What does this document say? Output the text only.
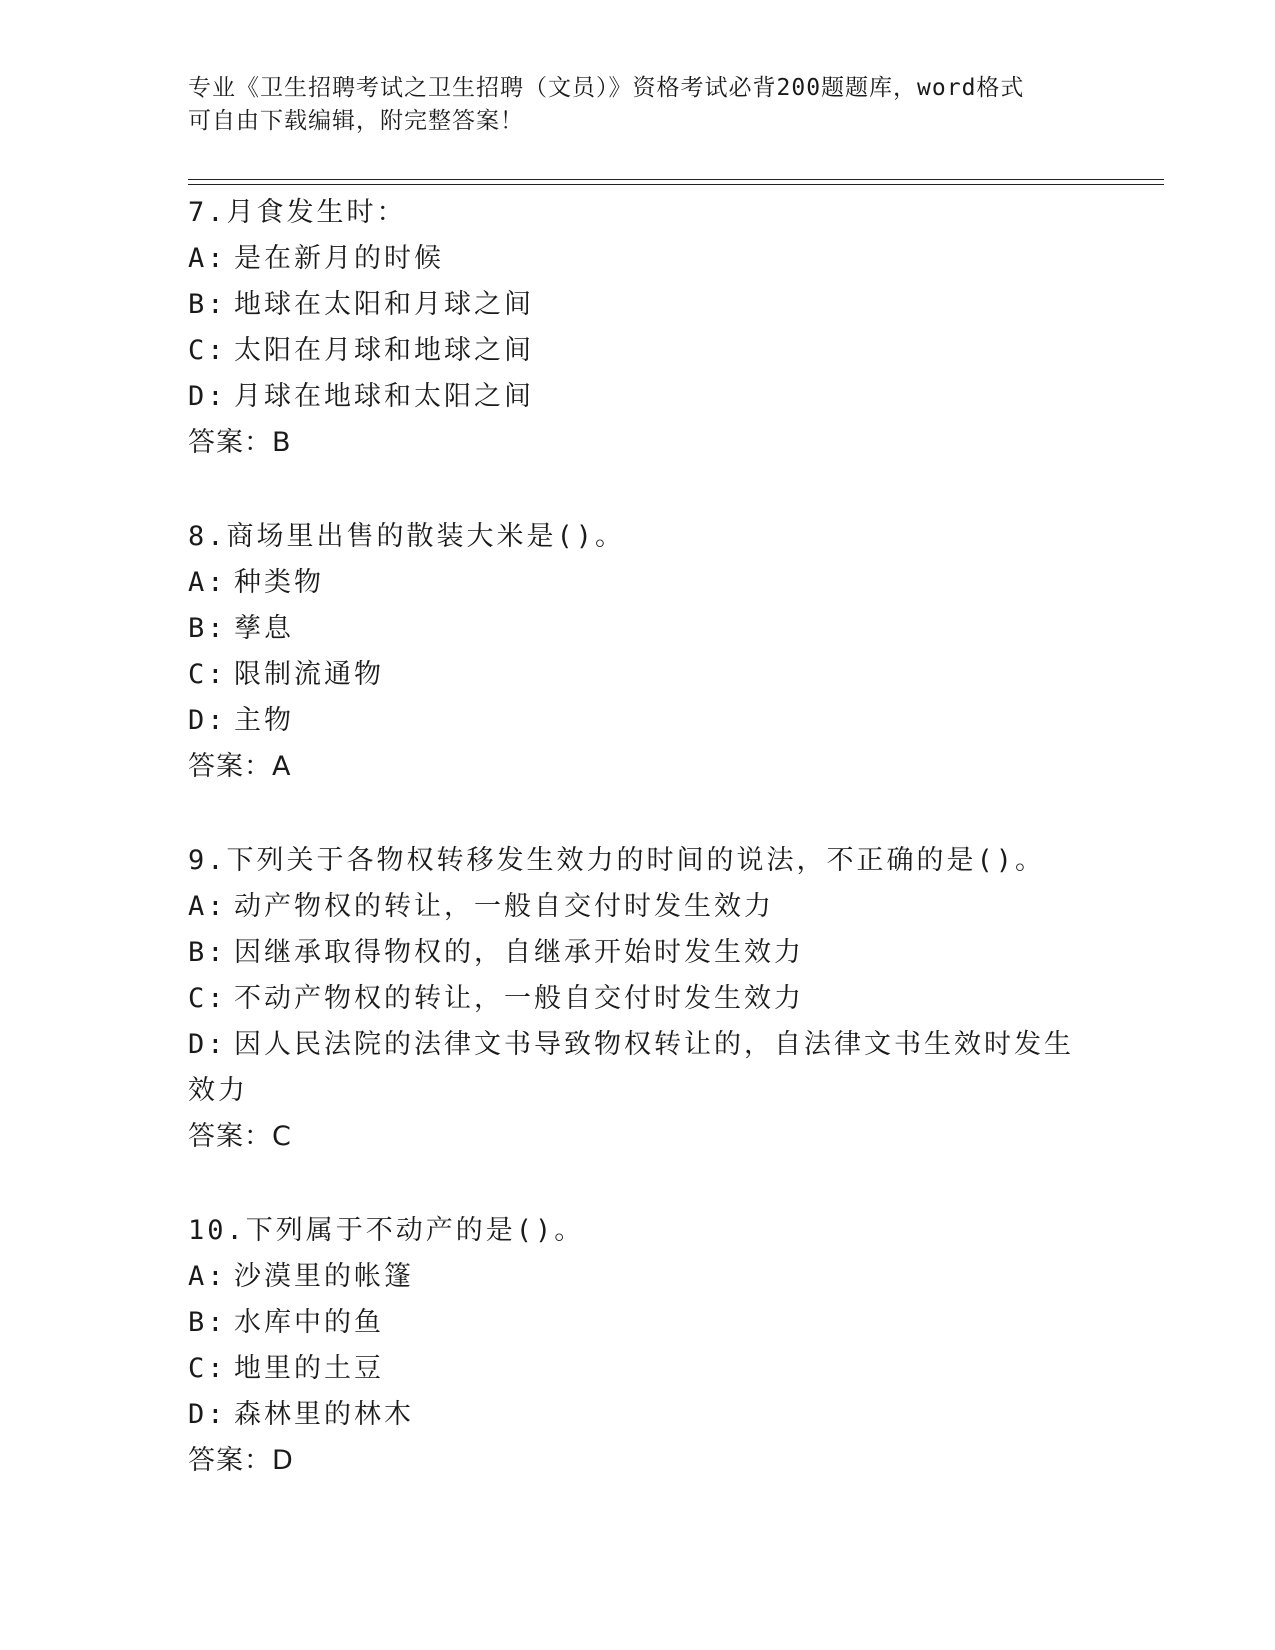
专业《卫生招聘考试之卫生招聘（文员）》资格考试必背200题题库，word格式
可自由下载编辑，附完整答案！
7.月食发生时：
A: 是在新月的时候
B: 地球在太阳和月球之间
C: 太阳在月球和地球之间
D: 月球在地球和太阳之间
答案：B
8.商场里出售的散装大米是()。
A: 种类物
B: 孳息
C: 限制流通物
D: 主物
答案：A
9.下列关于各物权转移发生效力的时间的说法，不正确的是()。
A: 动产物权的转让，一般自交付时发生效力
B: 因继承取得物权的，自继承开始时发生效力
C: 不动产物权的转让，一般自交付时发生效力
D: 因人民法院的法律文书导致物权转让的，自法律文书生效时发生效力
答案：C
10.下列属于不动产的是()。
A: 沙漠里的帐篷
B: 水库中的鱼
C: 地里的土豆
D: 森林里的林木
答案：D
